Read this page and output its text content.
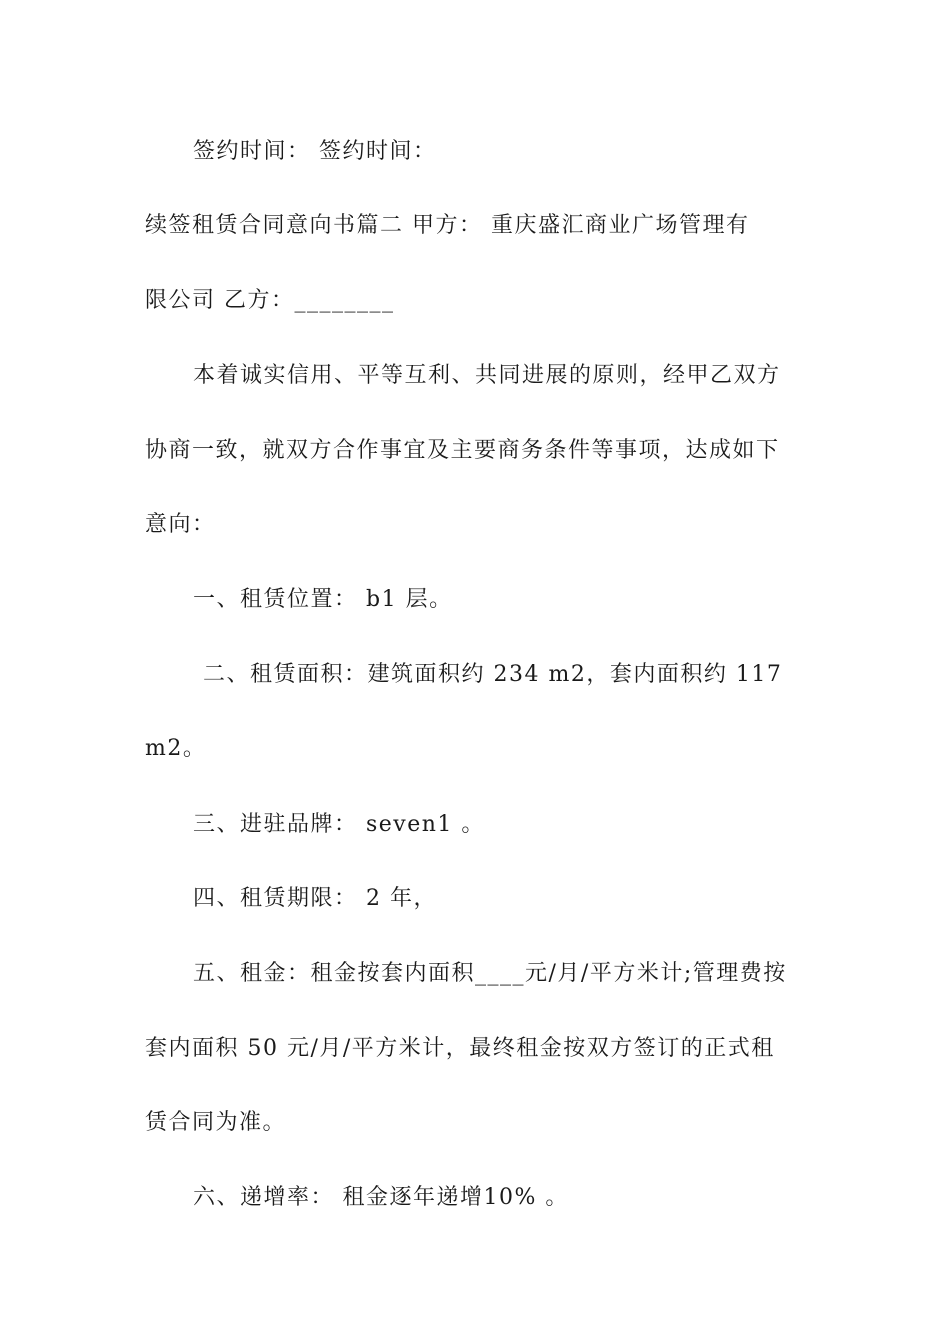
签约时间： 签约时间：
续签租赁合同意向书篇二 甲方： 重庆盛汇商业广场管理有
限公司 乙方：________
本着诚实信用、平等互利、共同进展的原则，经甲乙双方
协商一致，就双方合作事宜及主要商务条件等事项，达成如下
意向：
一、租赁位置： b1 层。
二、租赁面积：建筑面积约 234 m2，套内面积约 117
m2。
三、进驻品牌： seven1 。
四、租赁期限： 2 年，
五、租金：租金按套内面积____元/月/平方米计;管理费按
套内面积 50 元/月/平方米计，最终租金按双方签订的正式租
赁合同为准。
六、递增率： 租金逐年递增10% 。
